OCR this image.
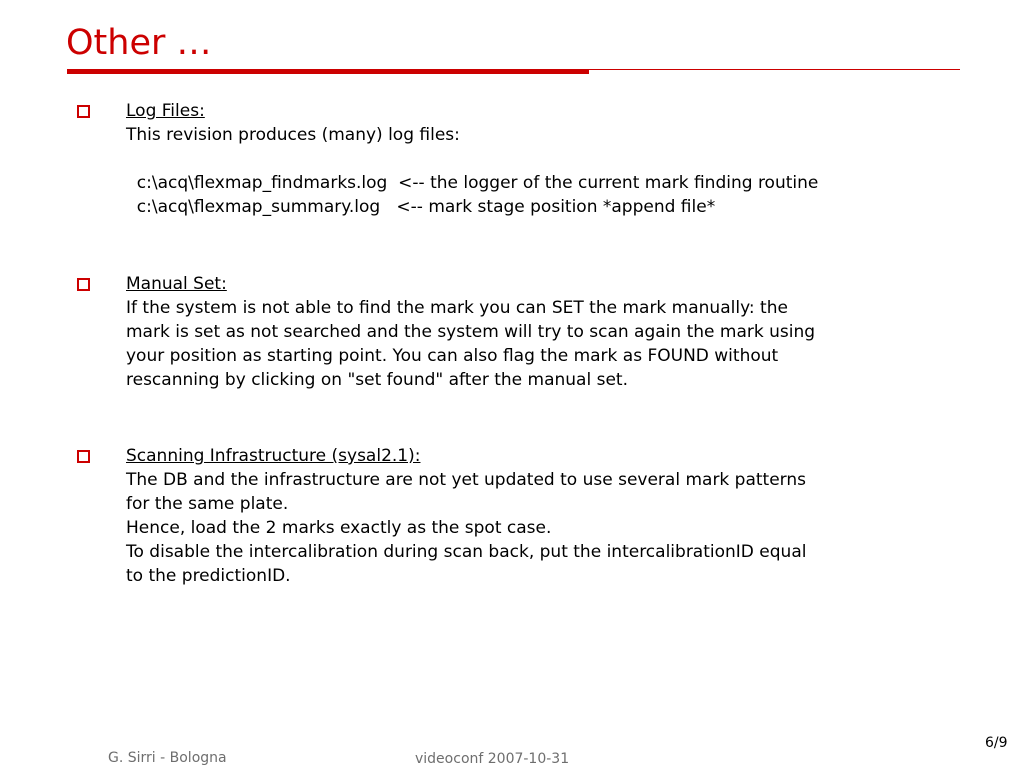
Other …
Log Files:
This revision produces (many) log files:
c:\acq\flexmap_findmarks.log  <-- the logger of the current mark finding routine
c:\acq\flexmap_summary.log   <-- mark stage position *append file*
Manual Set:
If the system is not able to find the mark you can SET the mark manually: the
mark is set as not searched and the system will try to scan again the mark using
your position as starting point. You can also flag the mark as FOUND without
rescanning by clicking on "set found" after the manual set.
Scanning Infrastructure (sysal2.1):
The DB and the infrastructure are not yet updated to use several mark patterns
for the same plate.
Hence, load the 2 marks exactly as the spot case.
To disable the intercalibration during scan back, put the intercalibrationID equal
to the predictionID.
G. Sirri - Bologna	videoconf 2007-10-31
6/9
